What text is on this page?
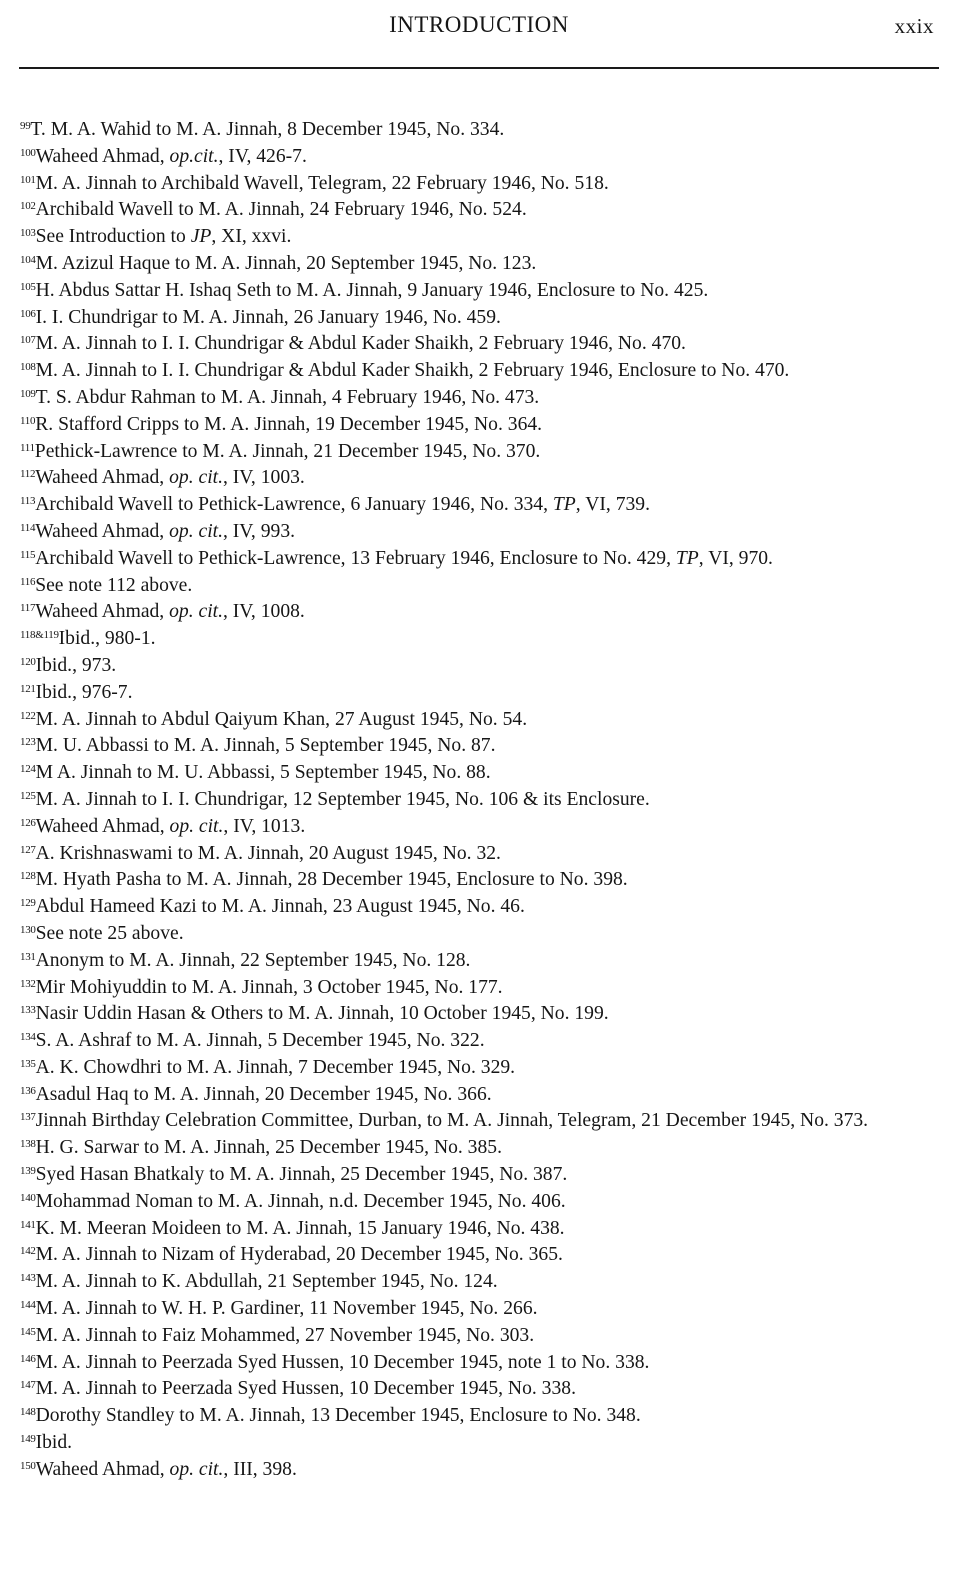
INTRODUCTION	xxix
$^{99}$T. M. A. Wahid to M. A. Jinnah, 8 December 1945, No. 334.
$^{100}$Waheed Ahmad, op.cit., IV, 426-7.
$^{101}$M. A. Jinnah to Archibald Wavell, Telegram, 22 February 1946, No. 518.
$^{102}$Archibald Wavell to M. A. Jinnah, 24 February 1946, No. 524.
$^{103}$See Introduction to JP, XI, xxvi.
$^{104}$M. Azizul Haque to M. A. Jinnah, 20 September 1945, No. 123.
$^{105}$H. Abdus Sattar H. Ishaq Seth to M. A. Jinnah, 9 January 1946, Enclosure to No. 425.
$^{106}$I. I. Chundrigar to M. A. Jinnah, 26 January 1946, No. 459.
$^{107}$M. A. Jinnah to I. I. Chundrigar & Abdul Kader Shaikh, 2 February 1946, No. 470.
$^{108}$M. A. Jinnah to I. I. Chundrigar & Abdul Kader Shaikh, 2 February 1946, Enclosure to No. 470.
$^{109}$T. S. Abdur Rahman to M. A. Jinnah, 4 February 1946, No. 473.
$^{110}$R. Stafford Cripps to M. A. Jinnah, 19 December 1945, No. 364.
$^{111}$Pethick-Lawrence to M. A. Jinnah, 21 December 1945, No. 370.
$^{112}$Waheed Ahmad, op. cit., IV, 1003.
$^{113}$Archibald Wavell to Pethick-Lawrence, 6 January 1946, No. 334, TP, VI, 739.
$^{114}$Waheed Ahmad, op. cit., IV, 993.
$^{115}$Archibald Wavell to Pethick-Lawrence, 13 February 1946, Enclosure to No. 429, TP, VI, 970.
$^{116}$See note 112 above.
$^{117}$Waheed Ahmad, op. cit., IV, 1008.
$^{118\&119}$Ibid., 980-1.
$^{120}$Ibid., 973.
$^{121}$Ibid., 976-7.
$^{122}$M. A. Jinnah to Abdul Qaiyum Khan, 27 August 1945, No. 54.
$^{123}$M. U. Abbassi to M. A. Jinnah, 5 September 1945, No. 87.
$^{124}$M A. Jinnah to M. U. Abbassi, 5 September 1945, No. 88.
$^{125}$M. A. Jinnah to I. I. Chundrigar, 12 September 1945, No. 106 & its Enclosure.
$^{126}$Waheed Ahmad, op. cit., IV, 1013.
$^{127}$A. Krishnaswami to M. A. Jinnah, 20 August 1945, No. 32.
$^{128}$M. Hyath Pasha to M. A. Jinnah, 28 December 1945, Enclosure to No. 398.
$^{129}$Abdul Hameed Kazi to M. A. Jinnah, 23 August 1945, No. 46.
$^{130}$See note 25 above.
$^{131}$Anonym to M. A. Jinnah, 22 September 1945, No. 128.
$^{132}$Mir Mohiyuddin to M. A. Jinnah, 3 October 1945, No. 177.
$^{133}$Nasir Uddin Hasan & Others to M. A. Jinnah, 10 October 1945, No. 199.
$^{134}$S. A. Ashraf to M. A. Jinnah, 5 December 1945, No. 322.
$^{135}$A. K. Chowdhri to M. A. Jinnah, 7 December 1945, No. 329.
$^{136}$Asadul Haq to M. A. Jinnah, 20 December 1945, No. 366.
$^{137}$Jinnah Birthday Celebration Committee, Durban, to M. A. Jinnah, Telegram, 21 December 1945, No. 373.
$^{138}$H. G. Sarwar to M. A. Jinnah, 25 December 1945, No. 385.
$^{139}$Syed Hasan Bhatkaly to M. A. Jinnah, 25 December 1945, No. 387.
$^{140}$Mohammad Noman to M. A. Jinnah, n.d. December 1945, No. 406.
$^{141}$K. M. Meeran Moideen to M. A. Jinnah, 15 January 1946, No. 438.
$^{142}$M. A. Jinnah to Nizam of Hyderabad, 20 December 1945, No. 365.
$^{143}$M. A. Jinnah to K. Abdullah, 21 September 1945, No. 124.
$^{144}$M. A. Jinnah to W. H. P. Gardiner, 11 November 1945, No. 266.
$^{145}$M. A. Jinnah to Faiz Mohammed, 27 November 1945, No. 303.
$^{146}$M. A. Jinnah to Peerzada Syed Hussen, 10 December 1945, note 1 to No. 338.
$^{147}$M. A. Jinnah to Peerzada Syed Hussen, 10 December 1945, No. 338.
$^{148}$Dorothy Standley to M. A. Jinnah, 13 December 1945, Enclosure to No. 348.
$^{149}$Ibid.
$^{150}$Waheed Ahmad, op. cit., III, 398.
